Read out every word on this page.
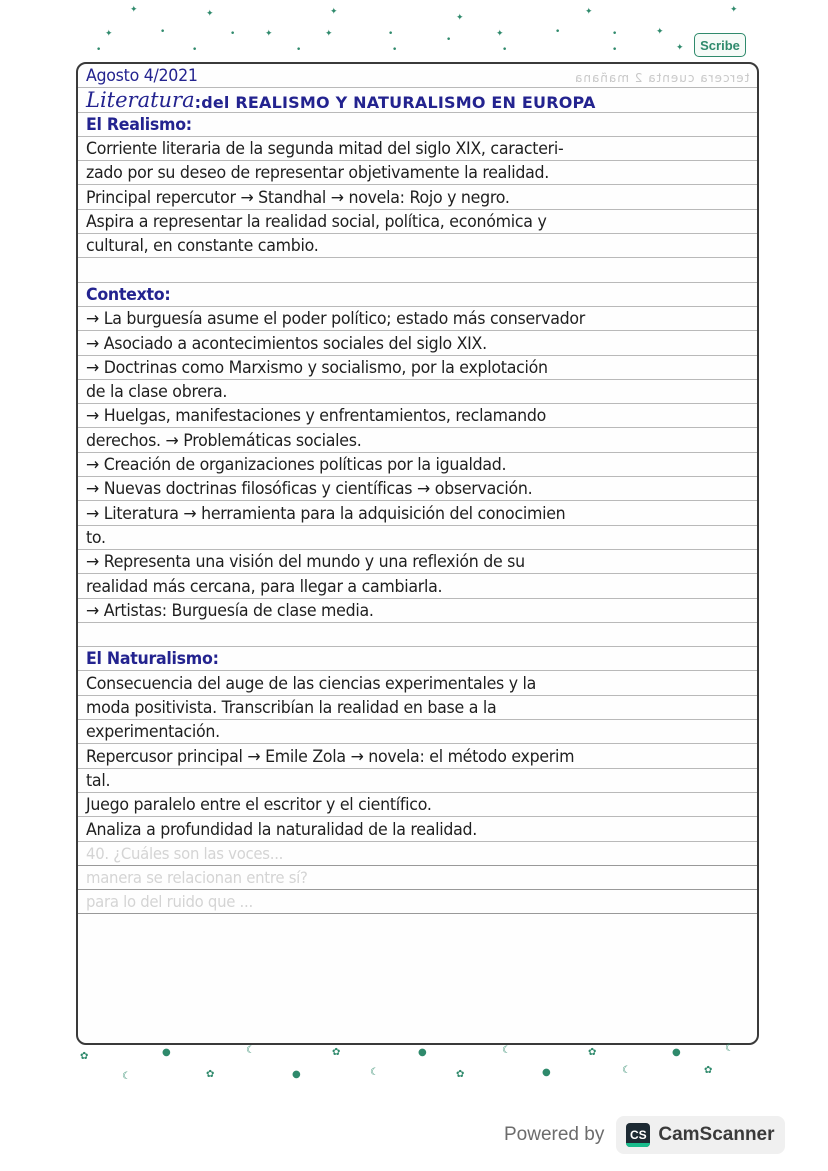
✦	✦	✦
✦
✦	✦
✦	•	•	✦	✦	•
•
✦	•	•	✦
•	•	•	•	•	•	✦	Scribe
Agosto 4/2021	tercera cuenta 2 mañana
Literatura :del REALISMO Y NATURALISMO EN EUROPA
El Realismo:
Corriente literaria de la segunda mitad del siglo XIX, caracteri-
zado por su deseo de representar objetivamente la realidad.
Principal repercutor → Standhal → novela: Rojo y negro.
Aspira a representar la realidad social, política, económica y
cultural, en constante cambio.
Contexto:
→ La burguesía asume el poder político; estado más conservador
→ Asociado a acontecimientos sociales del siglo XIX.
→ Doctrinas como Marxismo y socialismo, por la explotación
de la clase obrera.
→ Huelgas, manifestaciones y enfrentamientos, reclamando
derechos. → Problemáticas sociales.
→ Creación de organizaciones políticas por la igualdad.
→ Nuevas doctrinas filosóficas y científicas → observación.
→ Literatura → herramienta para la adquisición del conocimien
to.
→ Representa una visión del mundo y una reflexión de su
realidad más cercana, para llegar a cambiarla.
→ Artistas: Burguesía de clase media.
El Naturalismo:
Consecuencia del auge de las ciencias experimentales y la
moda positivista. Transcribían la realidad en base a la
experimentación.
Repercusor principal → Emile Zola → novela: el método experim
tal.
Juego paralelo entre el escritor y el científico.
Analiza a profundidad la naturalidad de la realidad.
40. ¿Cuáles son las voces...
manera se relacionan entre sí?
para lo del ruido que ...
✿	●	☾	✿	●	☾	✿	●	☾
☾	✿	●	☾	✿	●	☾	✿
Powered by	CS CamScanner
